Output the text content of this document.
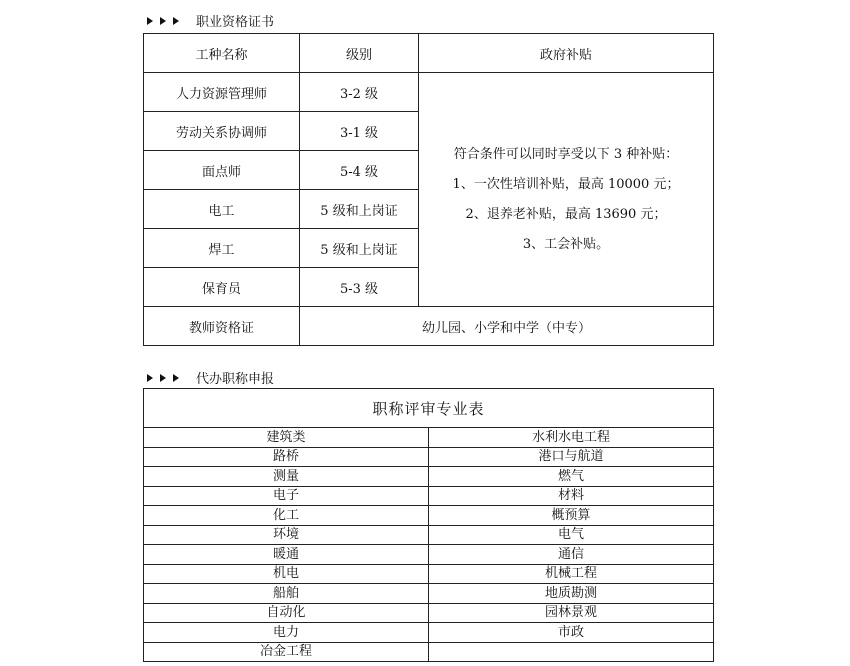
职业资格证书
工种名称	级别	政府补贴
人力资源管理师	3-2 级	符合条件可以同时享受以下 3 种补贴：
1、一次性培训补贴，最高 10000 元；
2、退养老补贴，最高 13690 元；
3、工会补贴。

劳动关系协调师	3-1 级	
面点师	5-4 级	
电工	5 级和上岗证	
焊工	5 级和上岗证	
保育员	5-3 级	
教师资格证	幼儿园、小学和中学（中专）	
代办职称申报
职称评审专业表	
建筑类	水利水电工程
路桥	港口与航道
测量	燃气
电子	材料
化工	概预算
环境	电气
暖通	通信
机电	机械工程
船舶	地质勘测
自动化	园林景观
电力	市政
冶金工程	
